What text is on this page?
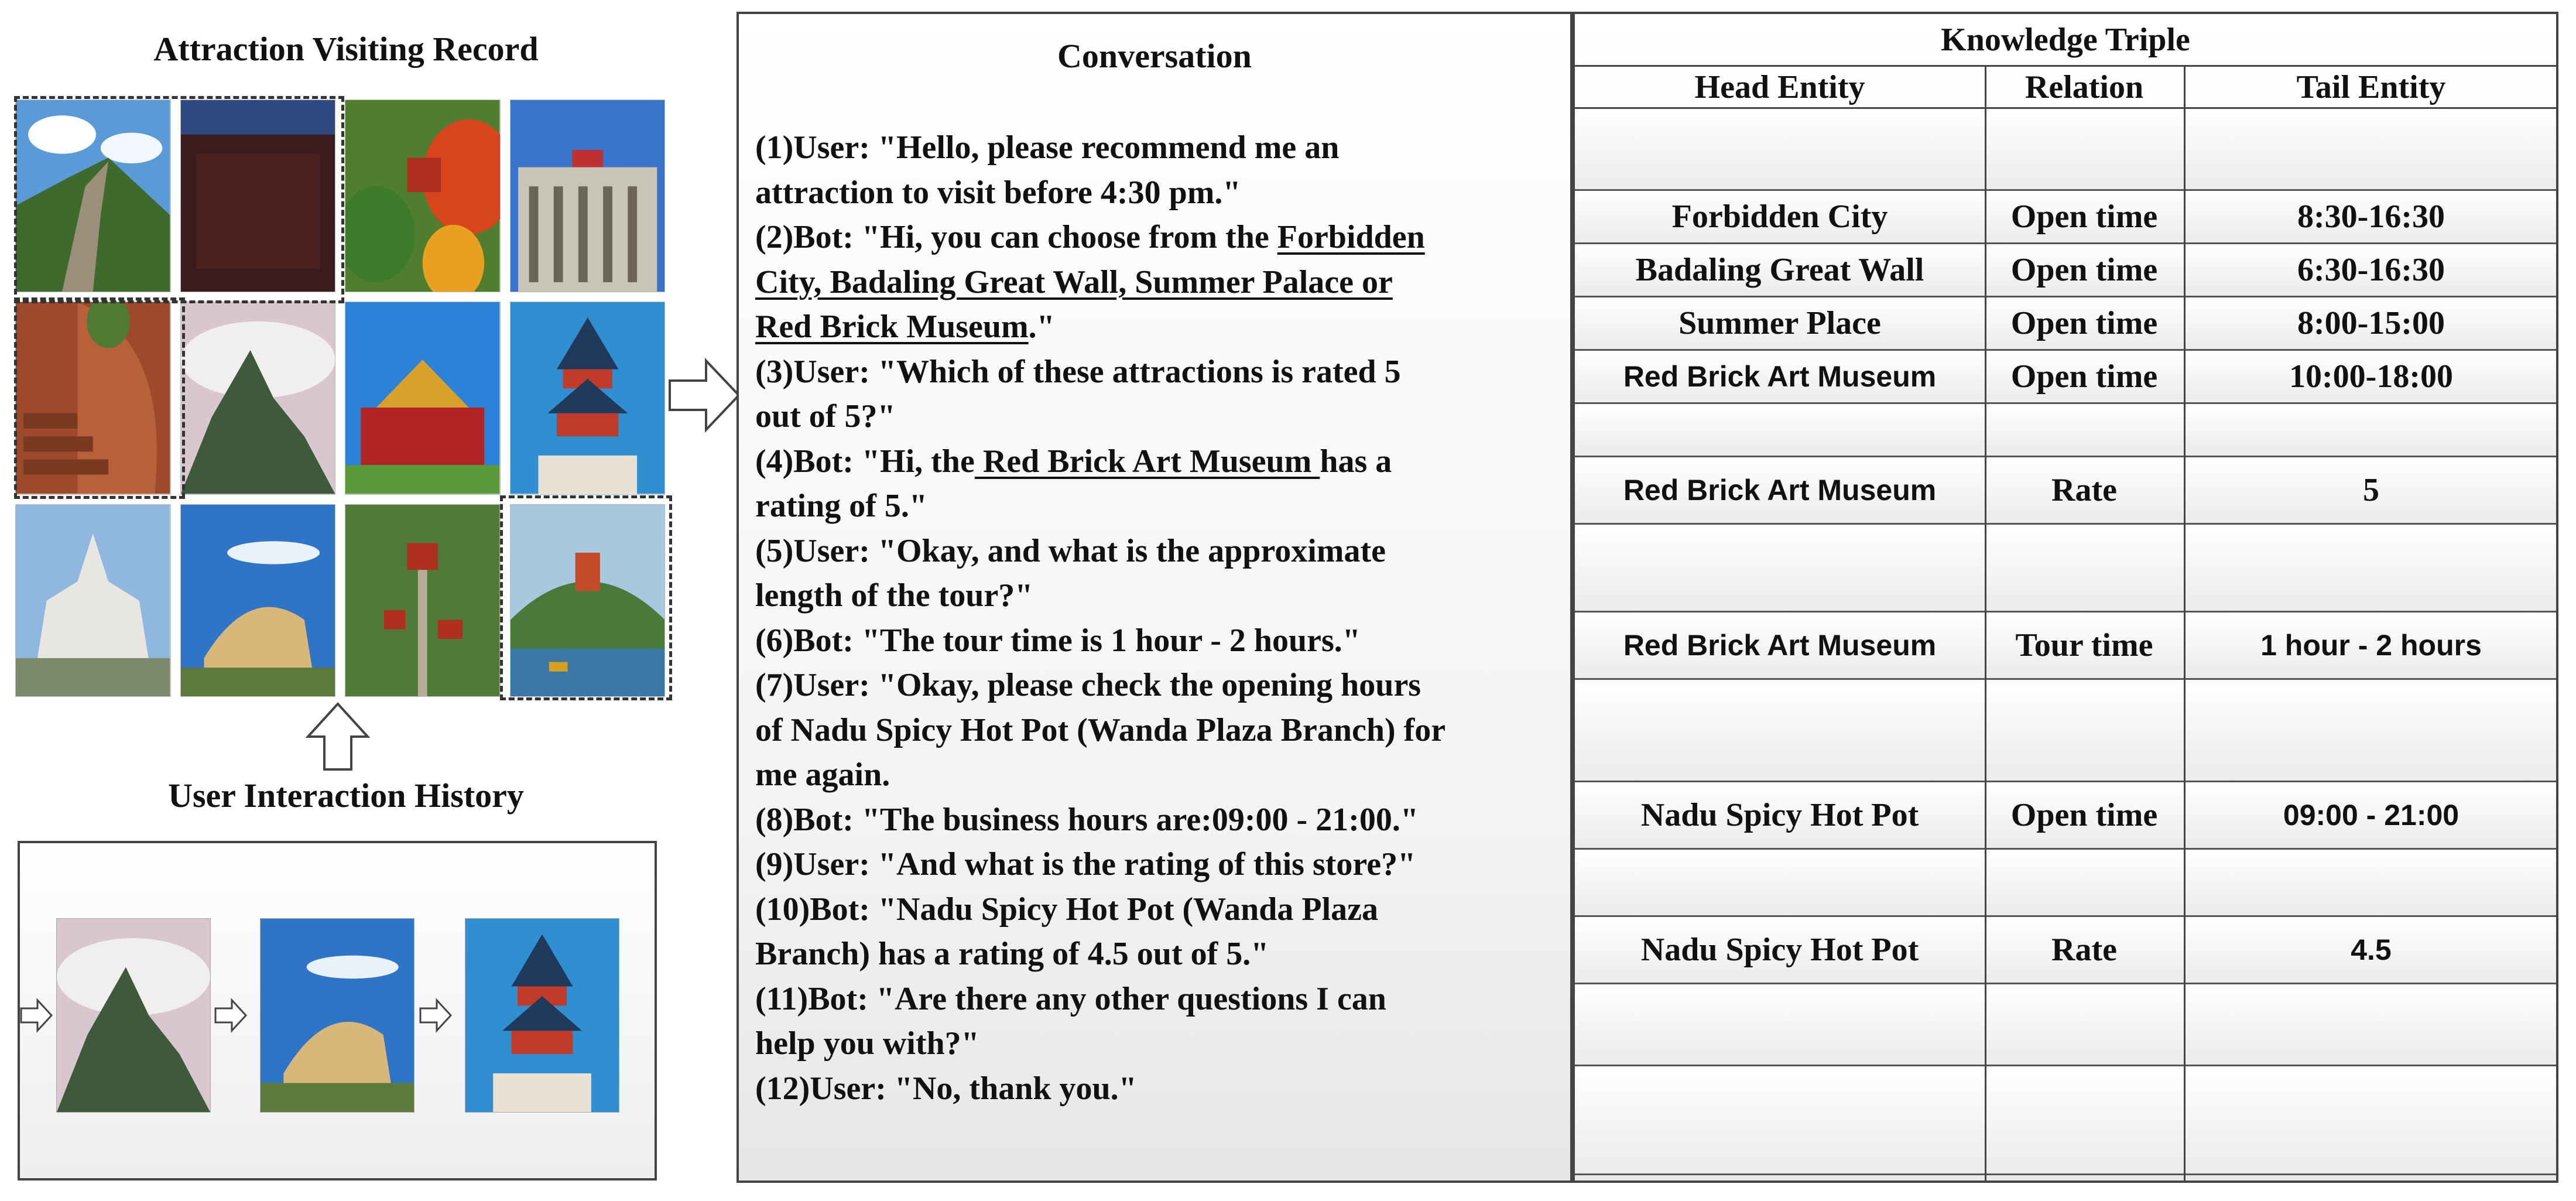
Attraction Visiting Record
User Interaction History
Conversation
(1)User: "Hello, please recommend me an
attraction to visit before 4:30 pm."
(2)Bot: "Hi, you can choose from the Forbidden
City, Badaling Great Wall, Summer Palace or
Red Brick Museum."
(3)User: "Which of these attractions is rated 5
out of 5?"
(4)Bot: "Hi, the Red Brick Art Museum has a
rating of 5."
(5)User: "Okay, and what is the approximate
length of the tour?"
(6)Bot: "The tour time is 1 hour - 2 hours."
(7)User: "Okay, please check the opening hours
of Nadu Spicy Hot Pot (Wanda Plaza Branch) for
me again.
(8)Bot: "The business hours are:09:00 - 21:00."
(9)User: "And what is the rating of this store?"
(10)Bot: "Nadu Spicy Hot Pot (Wanda Plaza
Branch) has a rating of 4.5 out of 5."
(11)Bot: "Are there any other questions I can
help you with?"
(12)User: "No, thank you."
Knowledge Triple
Head Entity	Relation	Tail Entity
Forbidden City	Open time	8:30-16:30
Badaling Great Wall	Open time	6:30-16:30
Summer Place	Open time	8:00-15:00
Red Brick Art Museum	Open time	10:00-18:00
Red Brick Art Museum	Rate	5
Red Brick Art Museum	Tour time	1 hour - 2 hours
Nadu Spicy Hot Pot	Open time	09:00 - 21:00
Nadu Spicy Hot Pot	Rate	4.5
